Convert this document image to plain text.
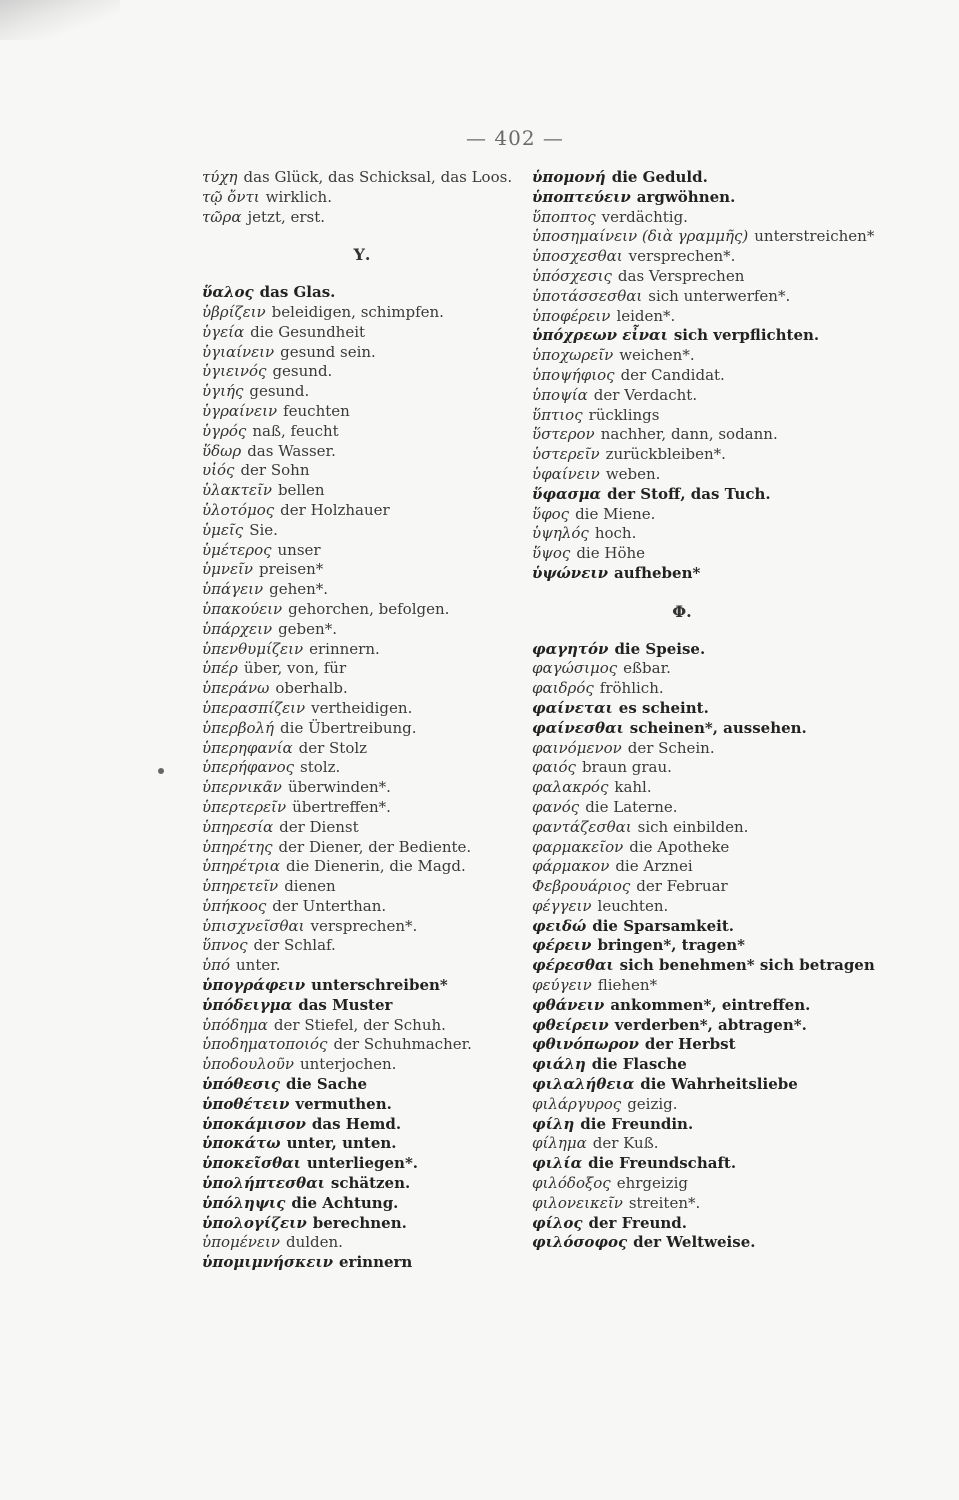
— 402 —
τύχη das Glück, das Schicksal, das Loos.
τῷ ὄντι wirklich.
τῶρα jetzt, erst.
Υ.
ὕαλος das Glas.
ὑβρίζειν beleidigen, schimpfen.
ὑγεία die Gesundheit
ὑγιαίνειν gesund sein.
ὑγιεινός gesund.
ὑγιής gesund.
ὑγραίνειν feuchten
ὑγρός naß, feucht
ὕδωρ das Wasser.
υἱός der Sohn
ὑλακτεῖν bellen
ὑλοτόμος der Holzhauer
ὑμεῖς Sie.
ὑμέτερος unser
ὑμνεῖν preisen*
ὑπάγειν gehen*.
ὑπακούειν gehorchen, befolgen.
ὑπάρχειν geben*.
ὑπενθυμίζειν erinnern.
ὑπέρ über, von, für
ὑπεράνω oberhalb.
ὑπερασπίζειν vertheidigen.
ὑπερβολή die Übertreibung.
ὑπερηφανία der Stolz
ὑπερήφανος stolz.
ὑπερνικᾶν überwinden*.
ὑπερτερεῖν übertreffen*.
ὑπηρεσία der Dienst
ὑπηρέτης der Diener, der Bediente.
ὑπηρέτρια die Dienerin, die Magd.
ὑπηρετεῖν dienen
ὑπήκοος der Unterthan.
ὑπισχνεῖσθαι versprechen*.
ὕπνος der Schlaf.
ὑπό unter.
ὑπογράφειν unterschreiben*
ὑπόδειγμα das Muster
ὑπόδημα der Stiefel, der Schuh.
ὑποδηματοποιός der Schuhmacher.
ὑποδουλοῦν unterjochen.
ὑπόθεσις die Sache
ὑποθέτειν vermuthen.
ὑποκάμισον das Hemd.
ὑποκάτω unter, unten.
ὑποκεῖσθαι unterliegen*.
ὑπολήπτεσθαι schätzen.
ὑπόληψις die Achtung.
ὑπολογίζειν berechnen.
ὑπομένειν dulden.
ὑπομιμνήσκειν erinnern
ὑπομονή die Geduld.
ὑποπτεύειν argwöhnen.
ὕποπτος verdächtig.
ὑποσημαίνειν (διὰ γραμμῆς) unterstreichen*
ὑποσχεσθαι versprechen*.
ὑπόσχεσις das Versprechen
ὑποτάσσεσθαι sich unterwerfen*.
ὑποφέρειν leiden*.
ὑπόχρεων εἶναι sich verpflichten.
ὑποχωρεῖν weichen*.
ὑποψήφιος der Candidat.
ὑποψία der Verdacht.
ὕπτιος rücklings
ὕστερον nachher, dann, sodann.
ὑστερεῖν zurückbleiben*.
ὑφαίνειν weben.
ὕφασμα der Stoff, das Tuch.
ὕφος die Miene.
ὑψηλός hoch.
ὕψος die Höhe
ὑψώνειν aufheben*
Φ.
φαγητόν die Speise.
φαγώσιμος eßbar.
φαιδρός fröhlich.
φαίνεται es scheint.
φαίνεσθαι scheinen*, aussehen.
φαινόμενον der Schein.
φαιός braun grau.
φαλακρός kahl.
φανός die Laterne.
φαντάζεσθαι sich einbilden.
φαρμακεῖον die Apotheke
φάρμακον die Arznei
Φεβρουάριος der Februar
φέγγειν leuchten.
φειδώ die Sparsamkeit.
φέρειν bringen*, tragen*
φέρεσθαι sich benehmen* sich betragen
φεύγειν fliehen*
φθάνειν ankommen*, eintreffen.
φθείρειν verderben*, abtragen*.
φθινόπωρον der Herbst
φιάλη die Flasche
φιλαλήθεια die Wahrheitsliebe
φιλάργυρος geizig.
φίλη die Freundin.
φίλημα der Kuß.
φιλία die Freundschaft.
φιλόδοξος ehrgeizig
φιλονεικεῖν streiten*.
φίλος der Freund.
φιλόσοφος der Weltweise.
